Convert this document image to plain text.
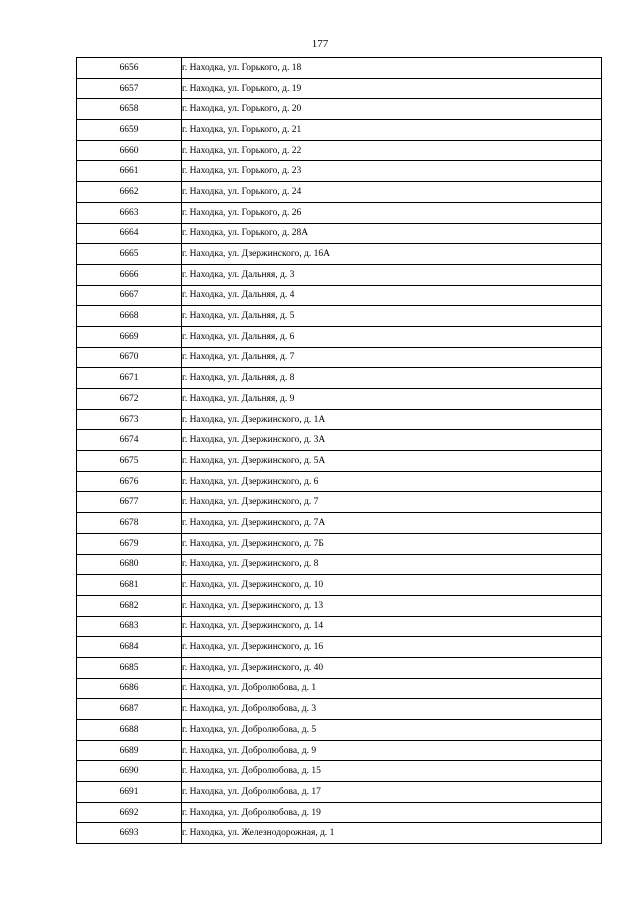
177
6656	г. Находка, ул. Горького, д. 18
6657	г. Находка, ул. Горького, д. 19
6658	г. Находка, ул. Горького, д. 20
6659	г. Находка, ул. Горького, д. 21
6660	г. Находка, ул. Горького, д. 22
6661	г. Находка, ул. Горького, д. 23
6662	г. Находка, ул. Горького, д. 24
6663	г. Находка, ул. Горького, д. 26
6664	г. Находка, ул. Горького, д. 28А
6665	г. Находка, ул. Дзержинского, д. 16А
6666	г. Находка, ул. Дальняя, д. 3
6667	г. Находка, ул. Дальняя, д. 4
6668	г. Находка, ул. Дальняя, д. 5
6669	г. Находка, ул. Дальняя, д. 6
6670	г. Находка, ул. Дальняя, д. 7
6671	г. Находка, ул. Дальняя, д. 8
6672	г. Находка, ул. Дальняя, д. 9
6673	г. Находка, ул. Дзержинского, д. 1А
6674	г. Находка, ул. Дзержинского, д. 3А
6675	г. Находка, ул. Дзержинского, д. 5А
6676	г. Находка, ул. Дзержинского, д. 6
6677	г. Находка, ул. Дзержинского, д. 7
6678	г. Находка, ул. Дзержинского, д. 7А
6679	г. Находка, ул. Дзержинского, д. 7Б
6680	г. Находка, ул. Дзержинского, д. 8
6681	г. Находка, ул. Дзержинского, д. 10
6682	г. Находка, ул. Дзержинского, д. 13
6683	г. Находка, ул. Дзержинского, д. 14
6684	г. Находка, ул. Дзержинского, д. 16
6685	г. Находка, ул. Дзержинского, д. 40
6686	г. Находка, ул. Добролюбова, д. 1
6687	г. Находка, ул. Добролюбова, д. 3
6688	г. Находка, ул. Добролюбова, д. 5
6689	г. Находка, ул. Добролюбова, д. 9
6690	г. Находка, ул. Добролюбова, д. 15
6691	г. Находка, ул. Добролюбова, д. 17
6692	г. Находка, ул. Добролюбова, д. 19
6693	г. Находка, ул. Железнодорожная, д. 1
